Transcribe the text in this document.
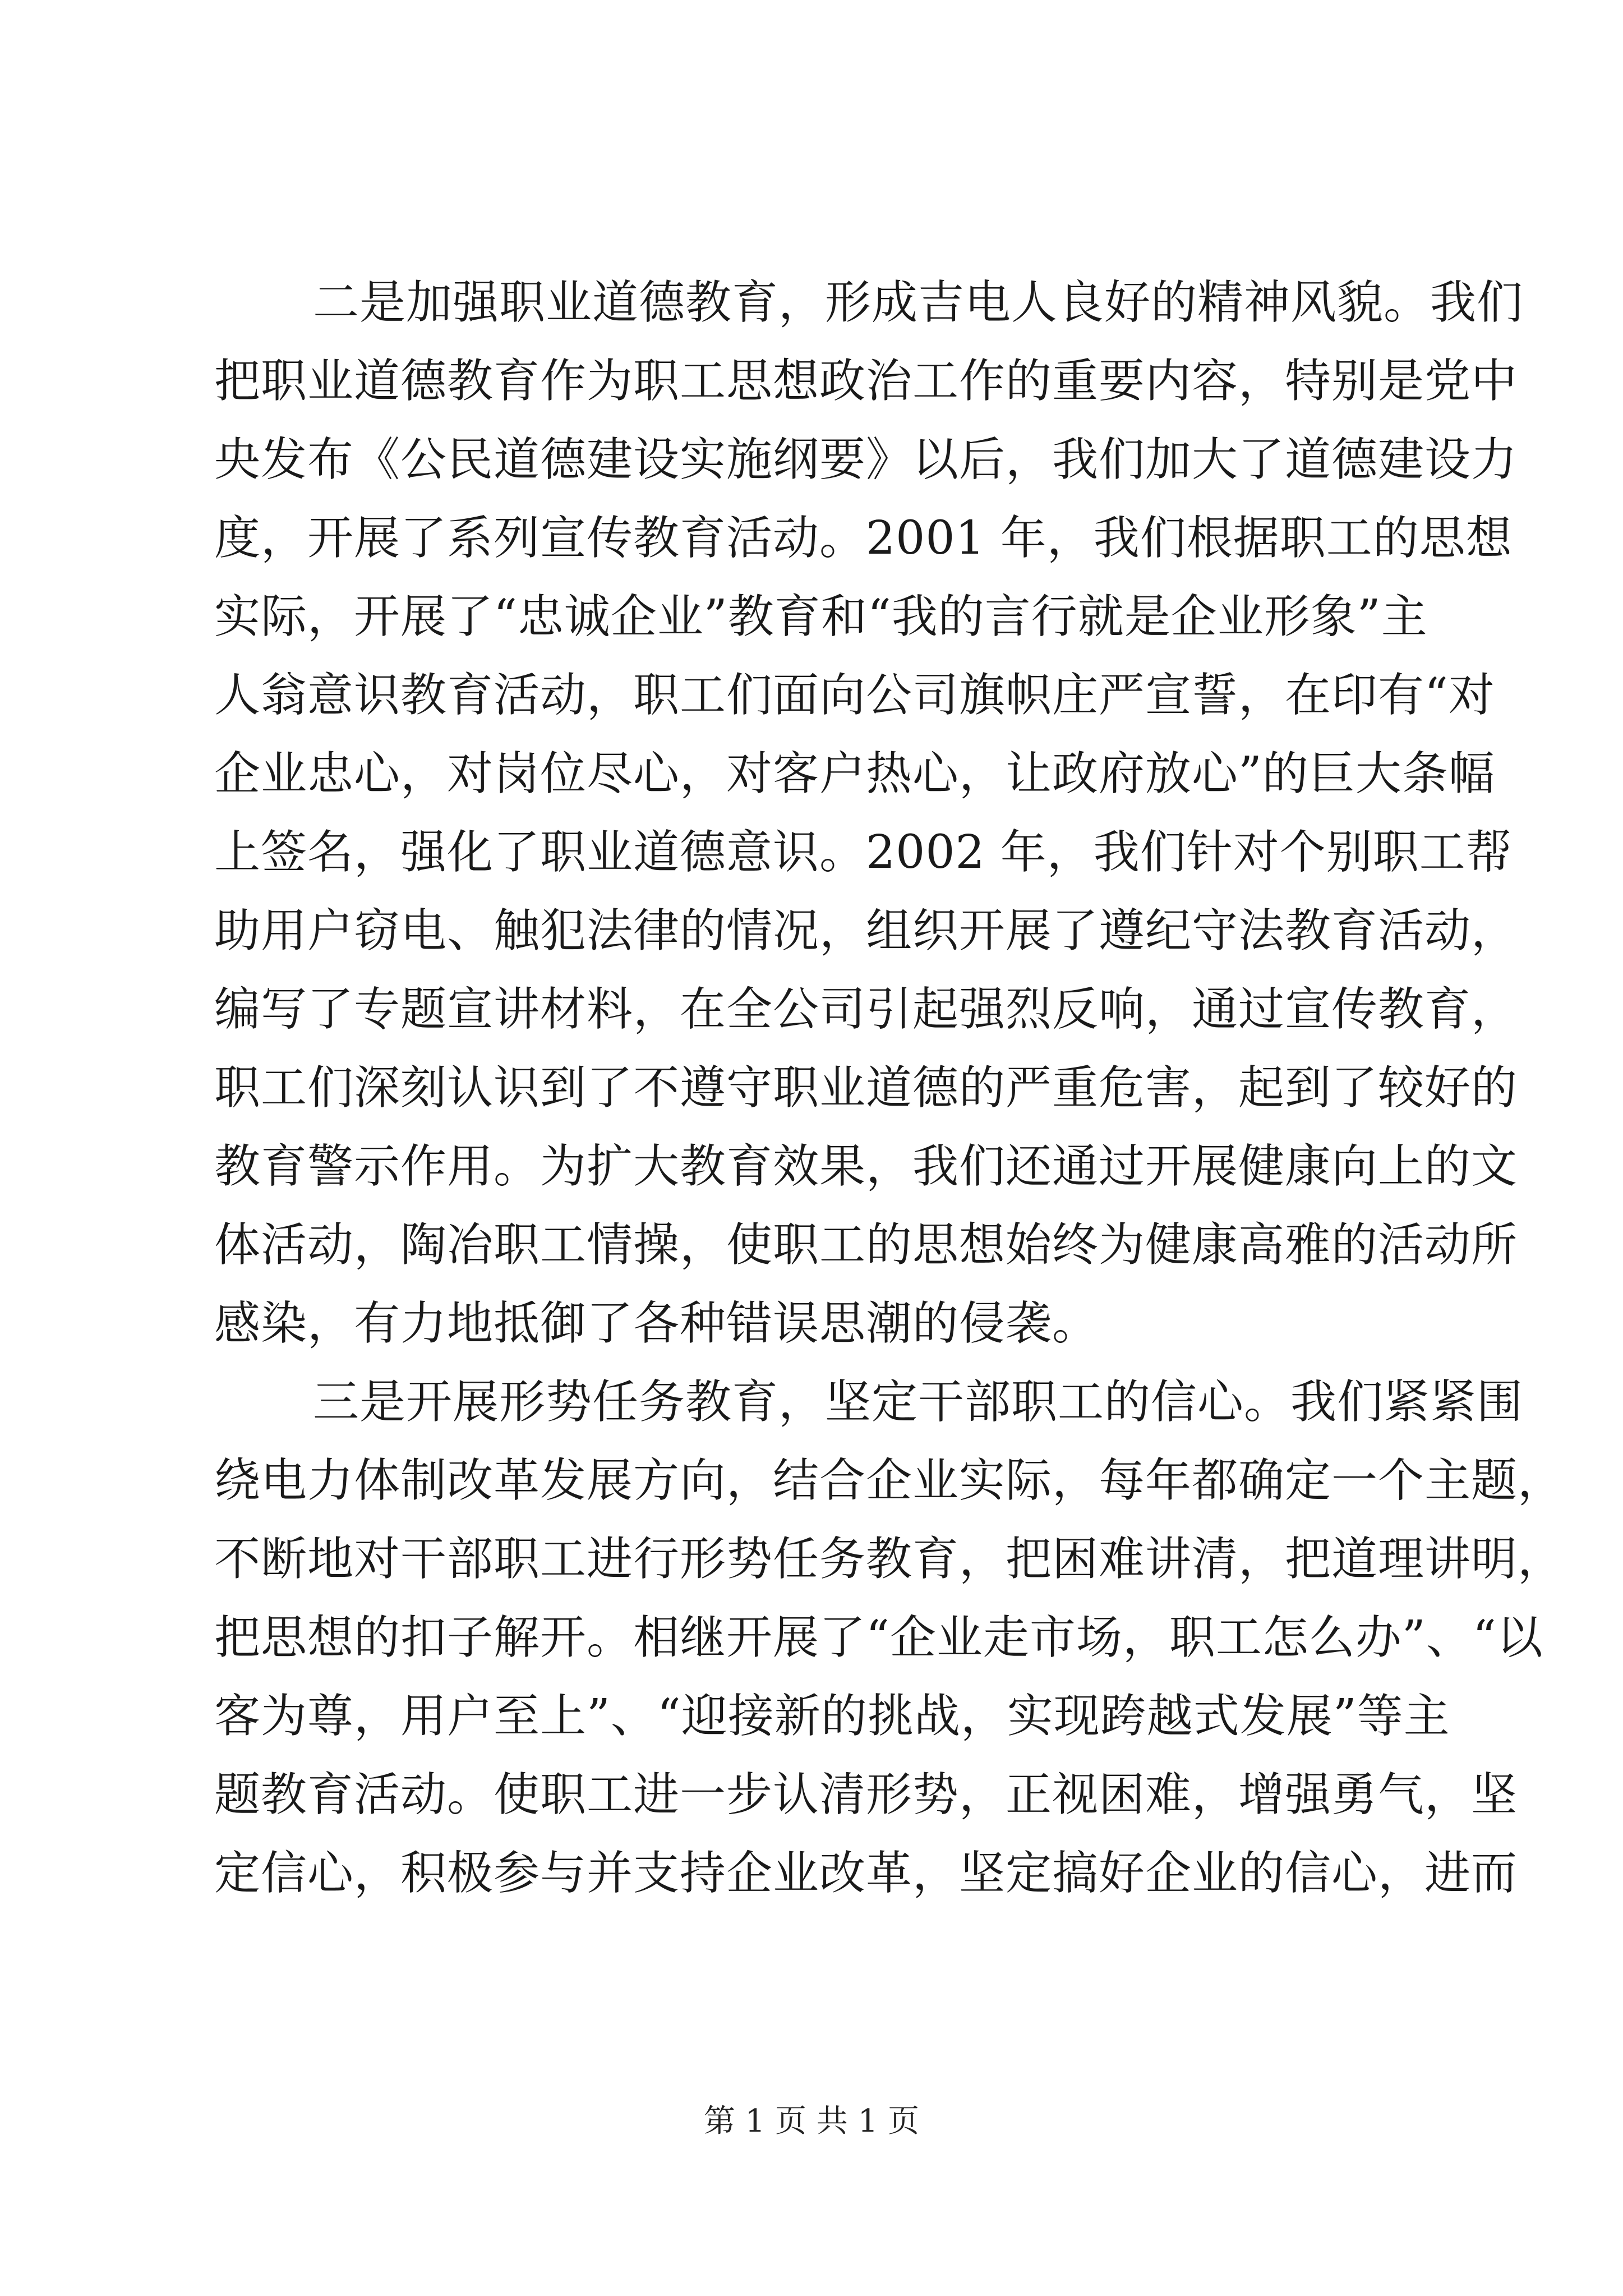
二是加强职业道德教育，形成吉电人良好的精神风貌。我们
把职业道德教育作为职工思想政治工作的重要内容，特别是党中
央发布《公民道德建设实施纲要》以后，我们加大了道德建设力
度，开展了系列宣传教育活动。2001 年，我们根据职工的思想
实际，开展了“忠诚企业”教育和“我的言行就是企业形象”主
人翁意识教育活动，职工们面向公司旗帜庄严宣誓，在印有“对
企业忠心，对岗位尽心，对客户热心，让政府放心”的巨大条幅
上签名，强化了职业道德意识。2002 年，我们针对个别职工帮
助用户窃电、触犯法律的情况，组织开展了遵纪守法教育活动，
编写了专题宣讲材料，在全公司引起强烈反响，通过宣传教育，
职工们深刻认识到了不遵守职业道德的严重危害，起到了较好的
教育警示作用。为扩大教育效果，我们还通过开展健康向上的文
体活动，陶冶职工情操，使职工的思想始终为健康高雅的活动所
感染，有力地抵御了各种错误思潮的侵袭。
三是开展形势任务教育，坚定干部职工的信心。我们紧紧围
绕电力体制改革发展方向，结合企业实际，每年都确定一个主题，
不断地对干部职工进行形势任务教育，把困难讲清，把道理讲明，
把思想的扣子解开。相继开展了“企业走市场，职工怎么办”、“以
客为尊，用户至上”、“迎接新的挑战，实现跨越式发展”等主
题教育活动。使职工进一步认清形势，正视困难，增强勇气，坚
定信心，积极参与并支持企业改革，坚定搞好企业的信心，进而
第 1 页 共 1 页
